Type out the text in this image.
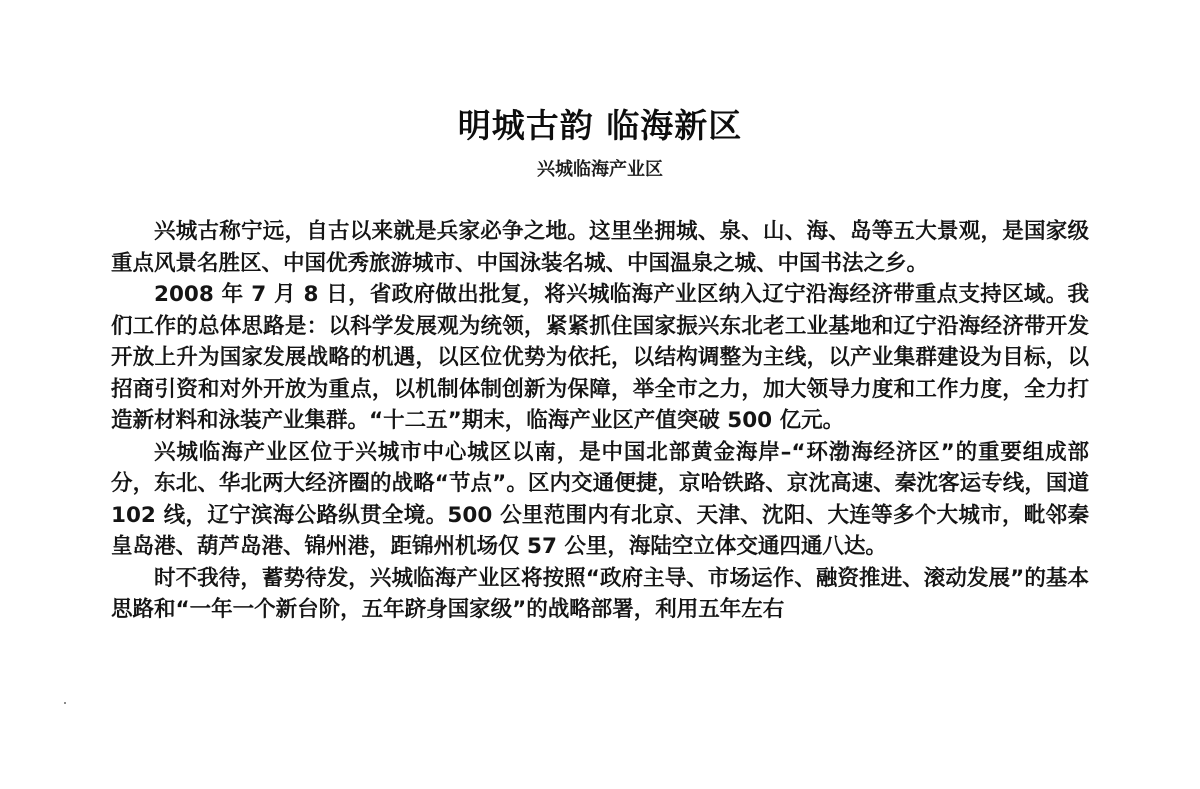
明城古韵 临海新区
兴城临海产业区

兴城古称宁远，自古以来就是兵家必争之地。这里坐拥城、泉、山、海、岛等五大景观，是国家级重点风景名胜区、中国优秀旅游城市、中国泳装名城、中国温泉之城、中国书法之乡。

2008 年 7 月 8 日，省政府做出批复，将兴城临海产业区纳入辽宁沿海经济带重点支持区域。我们工作的总体思路是：以科学发展观为统领，紧紧抓住国家振兴东北老工业基地和辽宁沿海经济带开发开放上升为国家发展战略的机遇，以区位优势为依托，以结构调整为主线，以产业集群建设为目标，以招商引资和对外开放为重点，以机制体制创新为保障，举全市之力，加大领导力度和工作力度，全力打造新材料和泳装产业集群。“十二五”期末，临海产业区产值突破 500 亿元。

兴城临海产业区位于兴城市中心城区以南，是中国北部黄金海岸–“环渤海经济区”的重要组成部分，东北、华北两大经济圈的战略“节点”。区内交通便捷，京哈铁路、京沈高速、秦沈客运专线，国道 102 线，辽宁滨海公路纵贯全境。500 公里范围内有北京、天津、沈阳、大连等多个大城市，毗邻秦皇岛港、葫芦岛港、锦州港，距锦州机场仅 57 公里，海陆空立体交通四通八达。

时不我待，蓄势待发，兴城临海产业区将按照“政府主导、市场运作、融资推进、滚动发展”的基本思路和“一年一个新台阶，五年跻身国家级”的战略部署，利用五年左右
